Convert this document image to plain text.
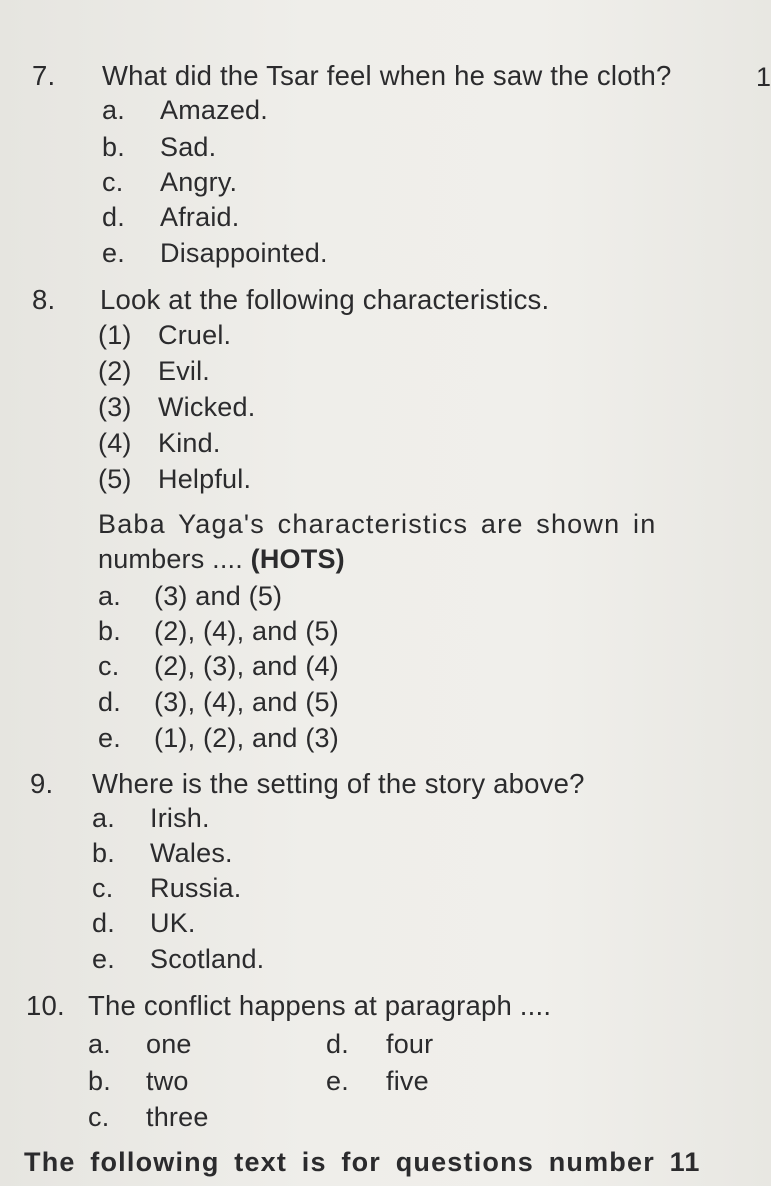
7. What did the Tsar feel when he saw the cloth?	1
a. Amazed.
b. Sad.
c. Angry.
d. Afraid.
e. Disappointed.
8. Look at the following characteristics.
(1) Cruel.
(2) Evil.
(3) Wicked.
(4) Kind.
(5) Helpful.
Baba Yaga's characteristics are shown in
numbers .... (HOTS)
a. (3) and (5)
b. (2), (4), and (5)
c. (2), (3), and (4)
d. (3), (4), and (5)
e. (1), (2), and (3)
9. Where is the setting of the story above?
a. Irish.
b. Wales.
c. Russia.
d. UK.
e. Scotland.
10. The conflict happens at paragraph ....
a. one
b. two
c. three
d. four
e. five
The following text is for questions number 11
